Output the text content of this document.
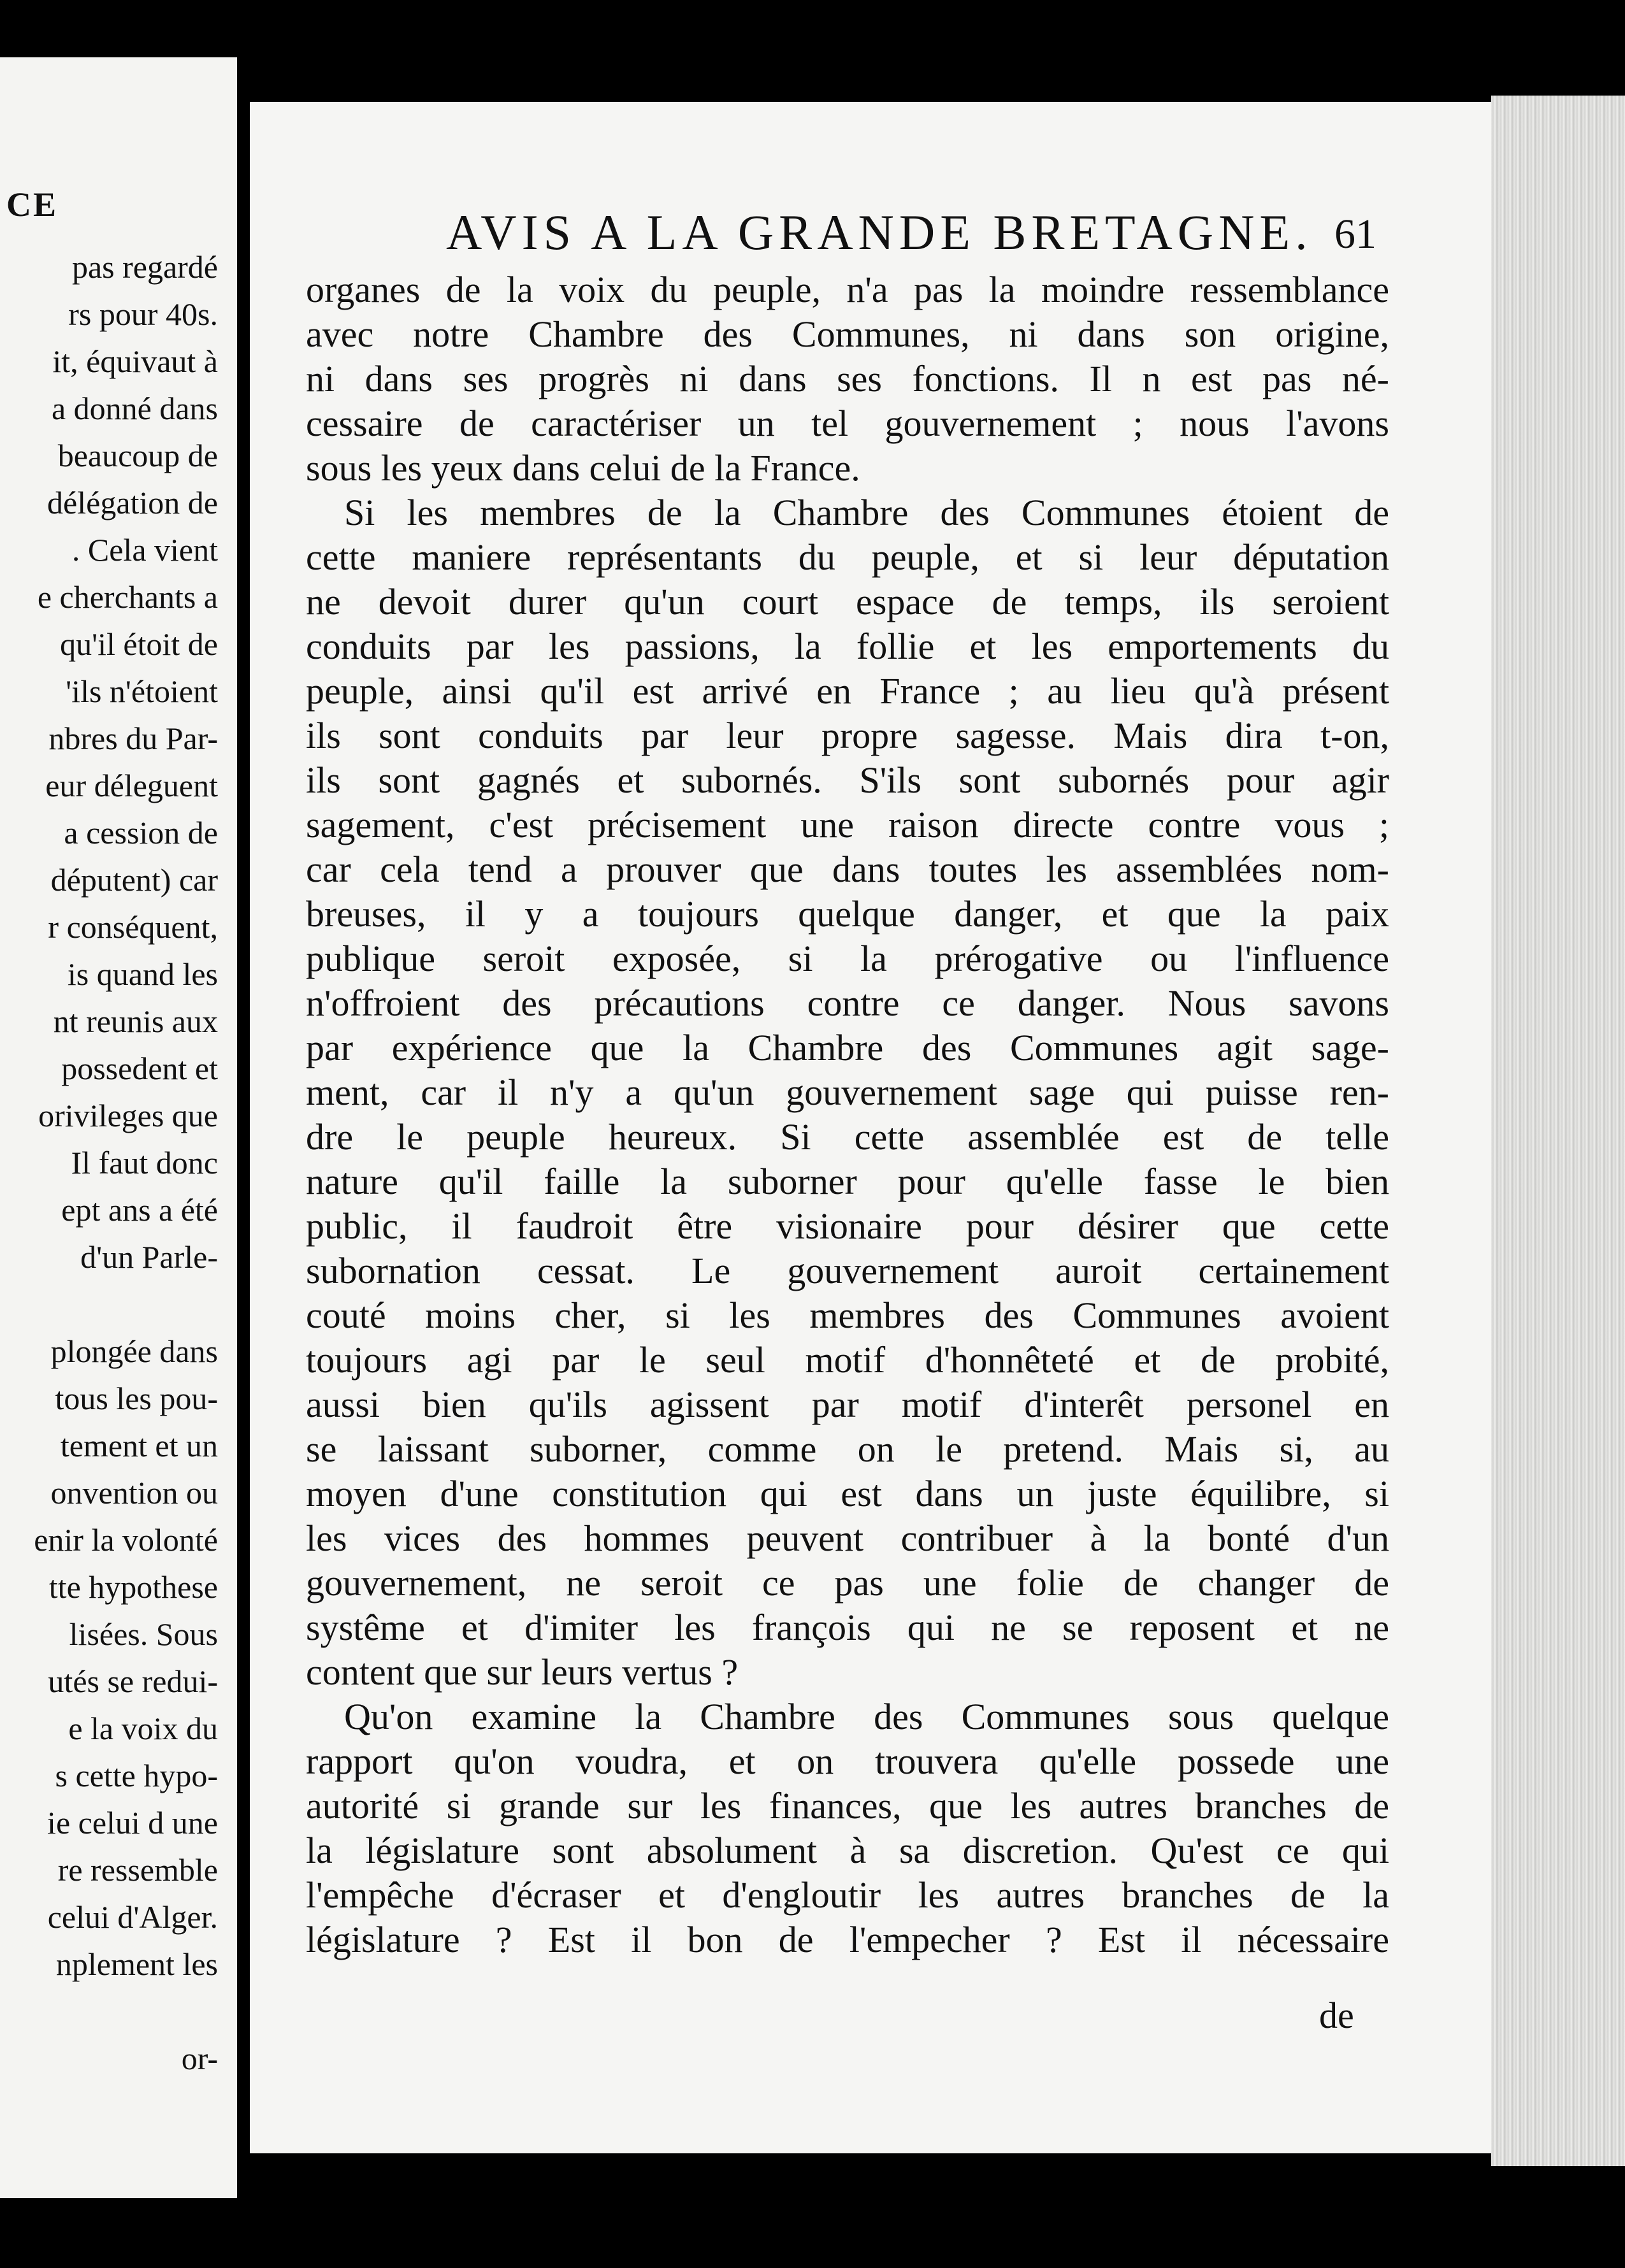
CE
pas regardé
rs pour 40s.
it, équivaut à
a donné dans
beaucoup de
délégation de
. Cela vient
e cherchants a
qu'il étoit de
'ils n'étoient
nbres du Par-
eur déleguent
a cession de
députent) car
r conséquent,
is quand les
nt reunis aux
possedent et
orivileges que
Il faut donc
ept ans a été
d'un Parle-
plongée dans
tous les pou-
tement et un
onvention ou
enir la volonté
tte hypothese
lisées. Sous
utés se redui-
e la voix du
s cette hypo-
ie celui d une
re ressemble
celui d'Alger.
nplement les
or-
AVIS A LA GRANDE BRETAGNE. 61
organes de la voix du peuple, n'a pas la moindre ressemblance
avec notre Chambre des Communes, ni dans son origine,
ni dans ses progrès ni dans ses fonctions. Il n est pas né-
cessaire de caractériser un tel gouvernement ; nous l'avons
sous les yeux dans celui de la France.
Si les membres de la Chambre des Communes étoient de
cette maniere représentants du peuple, et si leur députation
ne devoit durer qu'un court espace de temps, ils seroient
conduits par les passions, la follie et les emportements du
peuple, ainsi qu'il est arrivé en France ; au lieu qu'à présent
ils sont conduits par leur propre sagesse. Mais dira t-on,
ils sont gagnés et subornés. S'ils sont subornés pour agir
sagement, c'est précisement une raison directe contre vous ;
car cela tend a prouver que dans toutes les assemblées nom-
breuses, il y a toujours quelque danger, et que la paix
publique seroit exposée, si la prérogative ou l'influence
n'offroient des précautions contre ce danger. Nous savons
par expérience que la Chambre des Communes agit sage-
ment, car il n'y a qu'un gouvernement sage qui puisse ren-
dre le peuple heureux. Si cette assemblée est de telle
nature qu'il faille la suborner pour qu'elle fasse le bien
public, il faudroit être visionaire pour désirer que cette
subornation cessat. Le gouvernement auroit certainement
couté moins cher, si les membres des Communes avoient
toujours agi par le seul motif d'honnêteté et de probité,
aussi bien qu'ils agissent par motif d'interêt personel en
se laissant suborner, comme on le pretend. Mais si, au
moyen d'une constitution qui est dans un juste équilibre, si
les vices des hommes peuvent contribuer à la bonté d'un
gouvernement, ne seroit ce pas une folie de changer de
systême et d'imiter les françois qui ne se reposent et ne
content que sur leurs vertus ?
Qu'on examine la Chambre des Communes sous quelque
rapport qu'on voudra, et on trouvera qu'elle possede une
autorité si grande sur les finances, que les autres branches de
la législature sont absolument à sa discretion. Qu'est ce qui
l'empêche d'écraser et d'engloutir les autres branches de la
législature ? Est il bon de l'empecher ? Est il nécessaire
de
